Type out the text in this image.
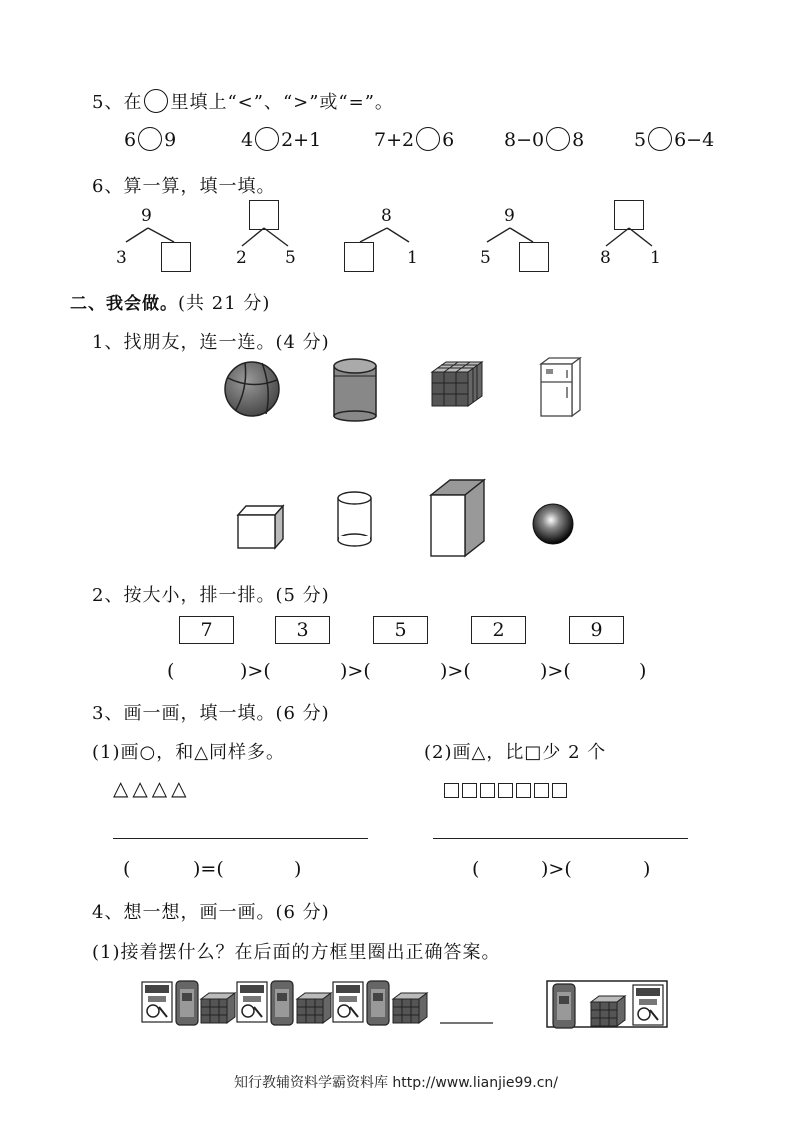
5、在 里填上“<”、“>”或“=”。
6 9	4 2+1	7+2 6	8−0 8	5 6−4
6、算一算，填一填。
9
3	2 5
8
1
9
5	8 1
二、我会做。(共 21 分)
1、找朋友，连一连。(4 分)
2、按大小，排一排。(5 分)
7	3	5	2	9
(	)>(	)>(	)>(	)>(	)
3、画一画，填一填。(6 分)
(1)画○，和△同样多。	(2)画△，比□少 2 个
△△△△
(	)=(	)	(	)>(	)
4、想一想，画一画。(6 分)
(1)接着摆什么？在后面的方框里圈出正确答案。
知行教辅资料学霸资料库 http://www.lianjie99.cn/
